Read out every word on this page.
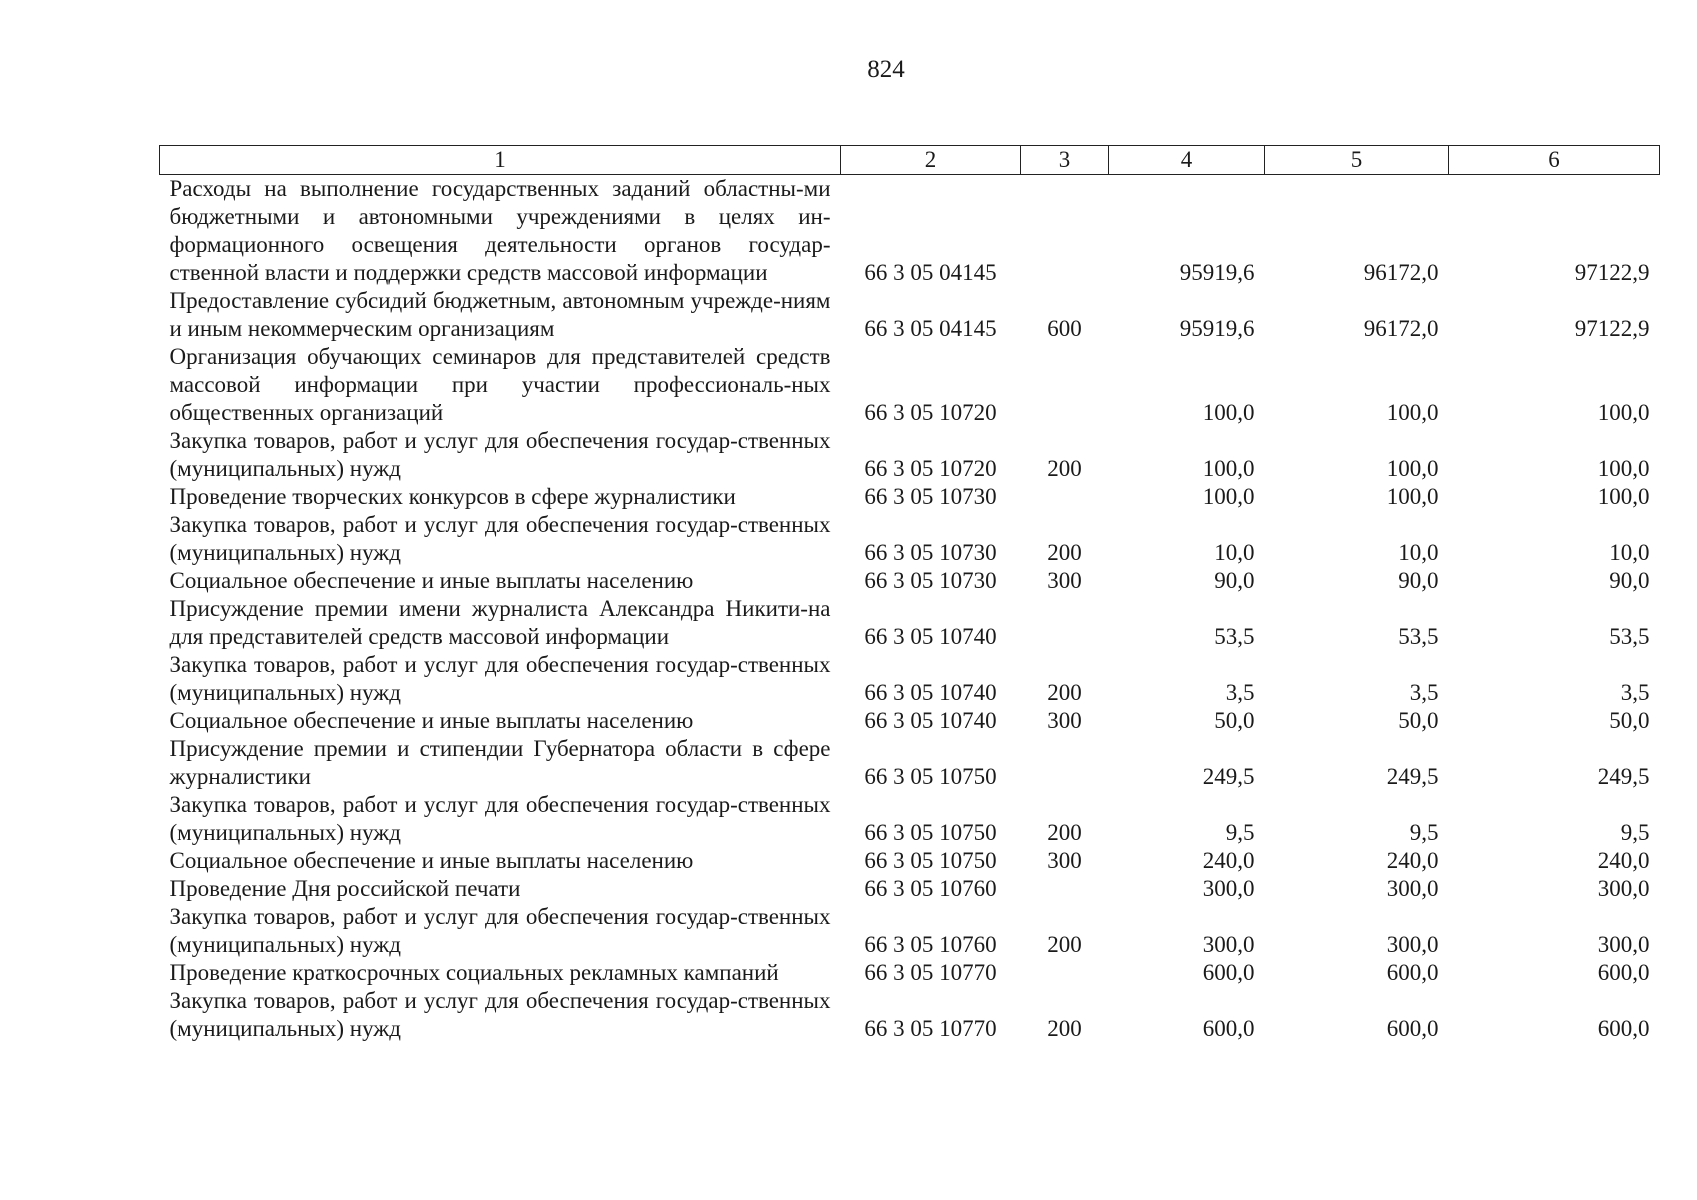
824
1	2	3	4	5	6
Расходы на выполнение государственных заданий областны-ми бюджетными и автономными учреждениями в целях ин-формационного освещения деятельности органов государ-ственной власти и поддержки средств массовой информации	66 3 05 04145		95919,6	96172,0	97122,9
Предоставление субсидий бюджетным, автономным учрежде-ниям и иным некоммерческим организациям	66 3 05 04145	600	95919,6	96172,0	97122,9
Организация обучающих семинаров для представителей средств массовой информации при участии профессиональ-ных общественных организаций	66 3 05 10720		100,0	100,0	100,0
Закупка товаров, работ и услуг для обеспечения государ-ственных (муниципальных) нужд	66 3 05 10720	200	100,0	100,0	100,0
Проведение творческих конкурсов в сфере журналистики	66 3 05 10730		100,0	100,0	100,0
Закупка товаров, работ и услуг для обеспечения государ-ственных (муниципальных) нужд	66 3 05 10730	200	10,0	10,0	10,0
Социальное обеспечение и иные выплаты населению	66 3 05 10730	300	90,0	90,0	90,0
Присуждение премии имени журналиста Александра Никити-на для представителей средств массовой информации	66 3 05 10740		53,5	53,5	53,5
Закупка товаров, работ и услуг для обеспечения государ-ственных (муниципальных) нужд	66 3 05 10740	200	3,5	3,5	3,5
Социальное обеспечение и иные выплаты населению	66 3 05 10740	300	50,0	50,0	50,0
Присуждение премии и стипендии Губернатора области в сфере журналистики	66 3 05 10750		249,5	249,5	249,5
Закупка товаров, работ и услуг для обеспечения государ-ственных (муниципальных) нужд	66 3 05 10750	200	9,5	9,5	9,5
Социальное обеспечение и иные выплаты населению	66 3 05 10750	300	240,0	240,0	240,0
Проведение Дня российской печати	66 3 05 10760		300,0	300,0	300,0
Закупка товаров, работ и услуг для обеспечения государ-ственных (муниципальных) нужд	66 3 05 10760	200	300,0	300,0	300,0
Проведение краткосрочных социальных рекламных кампаний	66 3 05 10770		600,0	600,0	600,0
Закупка товаров, работ и услуг для обеспечения государ-ственных (муниципальных) нужд	66 3 05 10770	200	600,0	600,0	600,0
